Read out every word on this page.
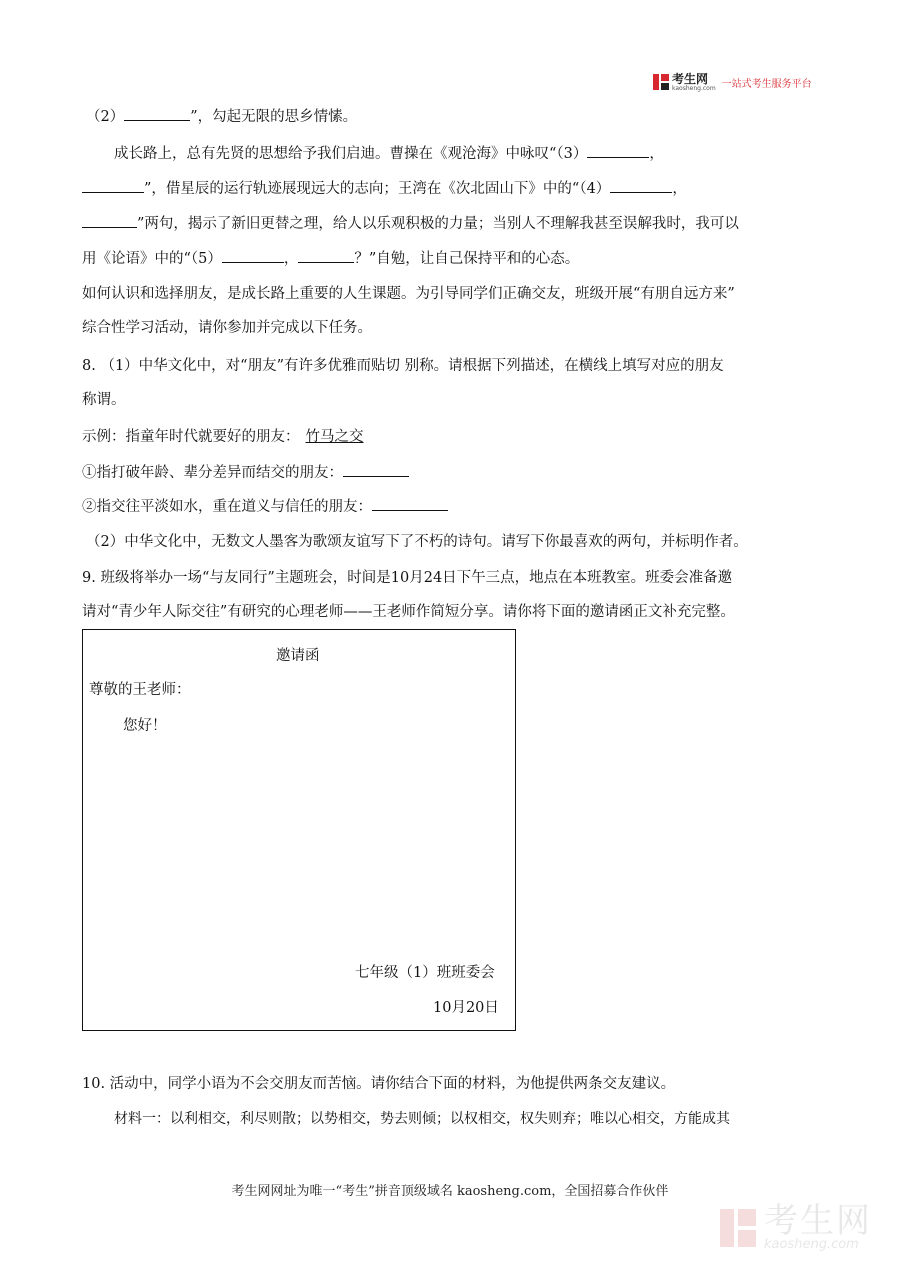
考生网
kaosheng.com 一站式考生服务平台
（2）	”，勾起无限的思乡情愫。
成长路上，总有先贤的思想给予我们启迪。曹操在《观沧海》中咏叹“（3）	，
”，借星辰的运行轨迹展现远大的志向；王湾在《次北固山下》中的“（4）	，
”两句，揭示了新旧更替之理，给人以乐观积极的力量；当别人不理解我甚至误解我时，我可以
用《论语》中的“（5）	，	？”自勉，让自己保持平和的心态。
如何认识和选择朋友，是成长路上重要的人生课题。为引导同学们正确交友，班级开展“有朋自远方来”
综合性学习活动，请你参加并完成以下任务。
8. （1）中华文化中，对“朋友”有许多优雅而贴切 别称。请根据下列描述，在横线上填写对应的朋友
称谓。
示例：指童年时代就要好的朋友： 竹马之交
①指打破年龄、辈分差异而结交的朋友：
②指交往平淡如水，重在道义与信任的朋友：
（2）中华文化中，无数文人墨客为歌颂友谊写下了不朽的诗句。请写下你最喜欢的两句，并标明作者。
9. 班级将举办一场“与友同行”主题班会，时间是10月24日下午三点，地点在本班教室。班委会准备邀
请对“青少年人际交往”有研究的心理老师——王老师作简短分享。请你将下面的邀请函正文补充完整。
邀请函
尊敬的王老师：
您好！
七年级（1）班班委会
10月20日
10. 活动中，同学小语为不会交朋友而苦恼。请你结合下面的材料，为他提供两条交友建议。
材料一：以利相交，利尽则散；以势相交，势去则倾；以权相交，权失则弃；唯以心相交，方能成其
考生网网址为唯一“考生”拼音顶级域名 kaosheng.com，全国招募合作伙伴
考生网
kaosheng.com
